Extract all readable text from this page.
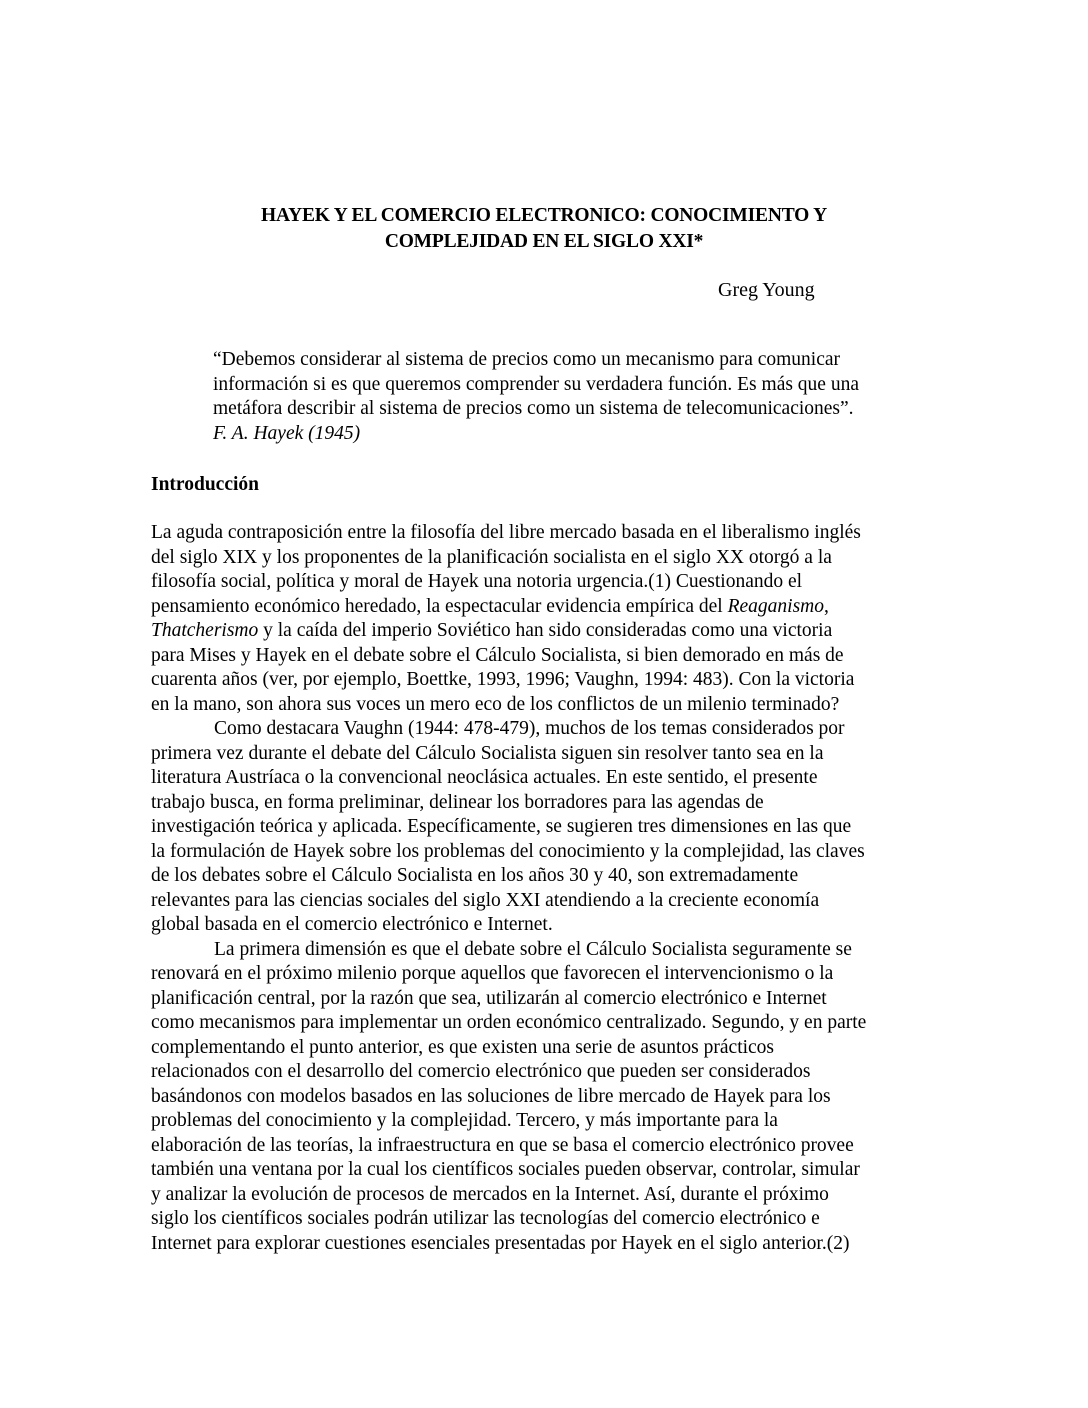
HAYEK Y EL COMERCIO ELECTRONICO: CONOCIMIENTO Y
COMPLEJIDAD EN EL SIGLO XXI*
Greg Young
“Debemos considerar al sistema de precios como un mecanismo para comunicar
información si es que queremos comprender su verdadera función. Es más que una
metáfora describir al sistema de precios como un sistema de telecomunicaciones”.
F. A. Hayek (1945)
Introducción
La aguda contraposición entre la filosofía del libre mercado basada en el liberalismo inglés
del siglo XIX y los proponentes de la planificación socialista en el siglo XX otorgó a la
filosofía social, política y moral de Hayek una notoria urgencia.(1) Cuestionando el
pensamiento económico heredado, la espectacular evidencia empírica del Reaganismo,
Thatcherismo y la caída del imperio Soviético han sido consideradas como una victoria
para Mises y Hayek en el debate sobre el Cálculo Socialista, si bien demorado en más de
cuarenta años (ver, por ejemplo, Boettke, 1993, 1996; Vaughn, 1994: 483). Con la victoria
en la mano, son ahora sus voces un mero eco de los conflictos de un milenio terminado?
Como destacara Vaughn (1944: 478-479), muchos de los temas considerados por
primera vez durante el debate del Cálculo Socialista siguen sin resolver tanto sea en la
literatura Austríaca o la convencional neoclásica actuales. En este sentido, el presente
trabajo busca, en forma preliminar, delinear los borradores para las agendas de
investigación teórica y aplicada. Específicamente, se sugieren tres dimensiones en las que
la formulación de Hayek sobre los problemas del conocimiento y la complejidad, las claves
de los debates sobre el Cálculo Socialista en los años 30 y 40, son extremadamente
relevantes para las ciencias sociales del siglo XXI atendiendo a la creciente economía
global basada en el comercio electrónico e Internet.
La primera dimensión es que el debate sobre el Cálculo Socialista seguramente se
renovará en el próximo milenio porque aquellos que favorecen el intervencionismo o la
planificación central, por la razón que sea, utilizarán al comercio electrónico e Internet
como mecanismos para implementar un orden económico centralizado. Segundo, y en parte
complementando el punto anterior, es que existen una serie de asuntos prácticos
relacionados con el desarrollo del comercio electrónico que pueden ser considerados
basándonos con modelos basados en las soluciones de libre mercado de Hayek para los
problemas del conocimiento y la complejidad. Tercero, y más importante para la
elaboración de las teorías, la infraestructura en que se basa el comercio electrónico provee
también una ventana por la cual los científicos sociales pueden observar, controlar, simular
y analizar la evolución de procesos de mercados en la Internet. Así, durante el próximo
siglo los científicos sociales podrán utilizar las tecnologías del comercio electrónico e
Internet para explorar cuestiones esenciales presentadas por Hayek en el siglo anterior.(2)
